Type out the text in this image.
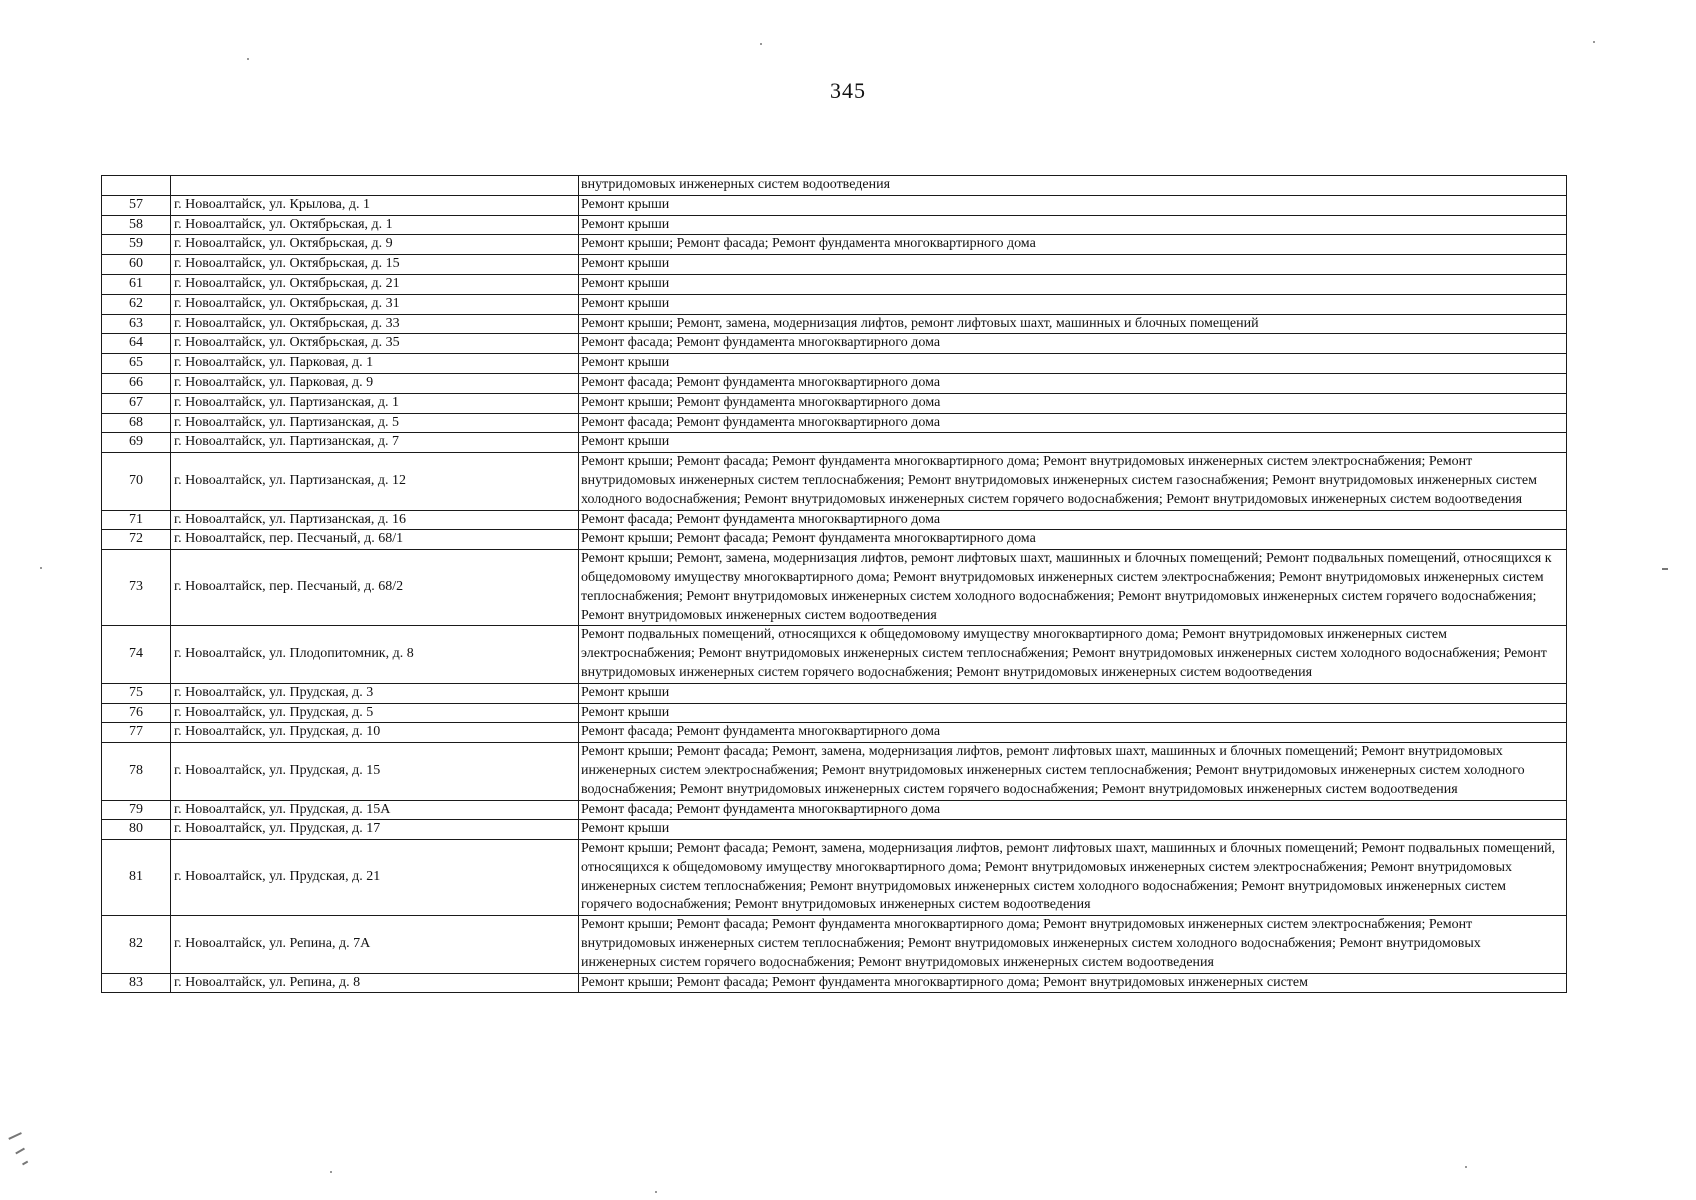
345
		внутридомовых инженерных систем водоотведения
57	г. Новоалтайск, ул. Крылова, д. 1	Ремонт крыши
58	г. Новоалтайск, ул. Октябрьская, д. 1	Ремонт крыши
59	г. Новоалтайск, ул. Октябрьская, д. 9	Ремонт крыши; Ремонт фасада; Ремонт фундамента многоквартирного дома
60	г. Новоалтайск, ул. Октябрьская, д. 15	Ремонт крыши
61	г. Новоалтайск, ул. Октябрьская, д. 21	Ремонт крыши
62	г. Новоалтайск, ул. Октябрьская, д. 31	Ремонт крыши
63	г. Новоалтайск, ул. Октябрьская, д. 33	Ремонт крыши; Ремонт, замена, модернизация лифтов, ремонт лифтовых шахт, машинных и блочных помещений
64	г. Новоалтайск, ул. Октябрьская, д. 35	Ремонт фасада; Ремонт фундамента многоквартирного дома
65	г. Новоалтайск, ул. Парковая, д. 1	Ремонт крыши
66	г. Новоалтайск, ул. Парковая, д. 9	Ремонт фасада; Ремонт фундамента многоквартирного дома
67	г. Новоалтайск, ул. Партизанская, д. 1	Ремонт крыши; Ремонт фундамента многоквартирного дома
68	г. Новоалтайск, ул. Партизанская, д. 5	Ремонт фасада; Ремонт фундамента многоквартирного дома
69	г. Новоалтайск, ул. Партизанская, д. 7	Ремонт крыши
70	г. Новоалтайск, ул. Партизанская, д. 12	Ремонт крыши; Ремонт фасада; Ремонт фундамента многоквартирного дома; Ремонт внутридомовых инженерных систем электроснабжения; Ремонт внутридомовых инженерных систем теплоснабжения; Ремонт внутридомовых инженерных систем газоснабжения; Ремонт внутридомовых инженерных систем холодного водоснабжения; Ремонт внутридомовых инженерных систем горячего водоснабжения; Ремонт внутридомовых инженерных систем водоотведения
71	г. Новоалтайск, ул. Партизанская, д. 16	Ремонт фасада; Ремонт фундамента многоквартирного дома
72	г. Новоалтайск, пер. Песчаный, д. 68/1	Ремонт крыши; Ремонт фасада; Ремонт фундамента многоквартирного дома
73	г. Новоалтайск, пер. Песчаный, д. 68/2	Ремонт крыши; Ремонт, замена, модернизация лифтов, ремонт лифтовых шахт, машинных и блочных помещений; Ремонт подвальных помещений, относящихся к общедомовому имуществу многоквартирного дома; Ремонт внутридомовых инженерных систем электроснабжения; Ремонт внутридомовых инженерных систем теплоснабжения; Ремонт внутридомовых инженерных систем холодного водоснабжения; Ремонт внутридомовых инженерных систем горячего водоснабжения; Ремонт внутридомовых инженерных систем водоотведения
74	г. Новоалтайск, ул. Плодопитомник, д. 8	Ремонт подвальных помещений, относящихся к общедомовому имуществу многоквартирного дома; Ремонт внутридомовых инженерных систем электроснабжения; Ремонт внутридомовых инженерных систем теплоснабжения; Ремонт внутридомовых инженерных систем холодного водоснабжения; Ремонт внутридомовых инженерных систем горячего водоснабжения; Ремонт внутридомовых инженерных систем водоотведения
75	г. Новоалтайск, ул. Прудская, д. 3	Ремонт крыши
76	г. Новоалтайск, ул. Прудская, д. 5	Ремонт крыши
77	г. Новоалтайск, ул. Прудская, д. 10	Ремонт фасада; Ремонт фундамента многоквартирного дома
78	г. Новоалтайск, ул. Прудская, д. 15	Ремонт крыши; Ремонт фасада; Ремонт, замена, модернизация лифтов, ремонт лифтовых шахт, машинных и блочных помещений; Ремонт внутридомовых инженерных систем электроснабжения; Ремонт внутридомовых инженерных систем теплоснабжения; Ремонт внутридомовых инженерных систем холодного водоснабжения; Ремонт внутридомовых инженерных систем горячего водоснабжения; Ремонт внутридомовых инженерных систем водоотведения
79	г. Новоалтайск, ул. Прудская, д. 15А	Ремонт фасада; Ремонт фундамента многоквартирного дома
80	г. Новоалтайск, ул. Прудская, д. 17	Ремонт крыши
81	г. Новоалтайск, ул. Прудская, д. 21	Ремонт крыши; Ремонт фасада; Ремонт, замена, модернизация лифтов, ремонт лифтовых шахт, машинных и блочных помещений; Ремонт подвальных помещений, относящихся к общедомовому имуществу многоквартирного дома; Ремонт внутридомовых инженерных систем электроснабжения; Ремонт внутридомовых инженерных систем теплоснабжения; Ремонт внутридомовых инженерных систем холодного водоснабжения; Ремонт внутридомовых инженерных систем горячего водоснабжения; Ремонт внутридомовых инженерных систем водоотведения
82	г. Новоалтайск, ул. Репина, д. 7А	Ремонт крыши; Ремонт фасада; Ремонт фундамента многоквартирного дома; Ремонт внутридомовых инженерных систем электроснабжения; Ремонт внутридомовых инженерных систем теплоснабжения; Ремонт внутридомовых инженерных систем холодного водоснабжения; Ремонт внутридомовых инженерных систем горячего водоснабжения; Ремонт внутридомовых инженерных систем водоотведения
83	г. Новоалтайск, ул. Репина, д. 8	Ремонт крыши; Ремонт фасада; Ремонт фундамента многоквартирного дома; Ремонт внутридомовых инженерных систем
